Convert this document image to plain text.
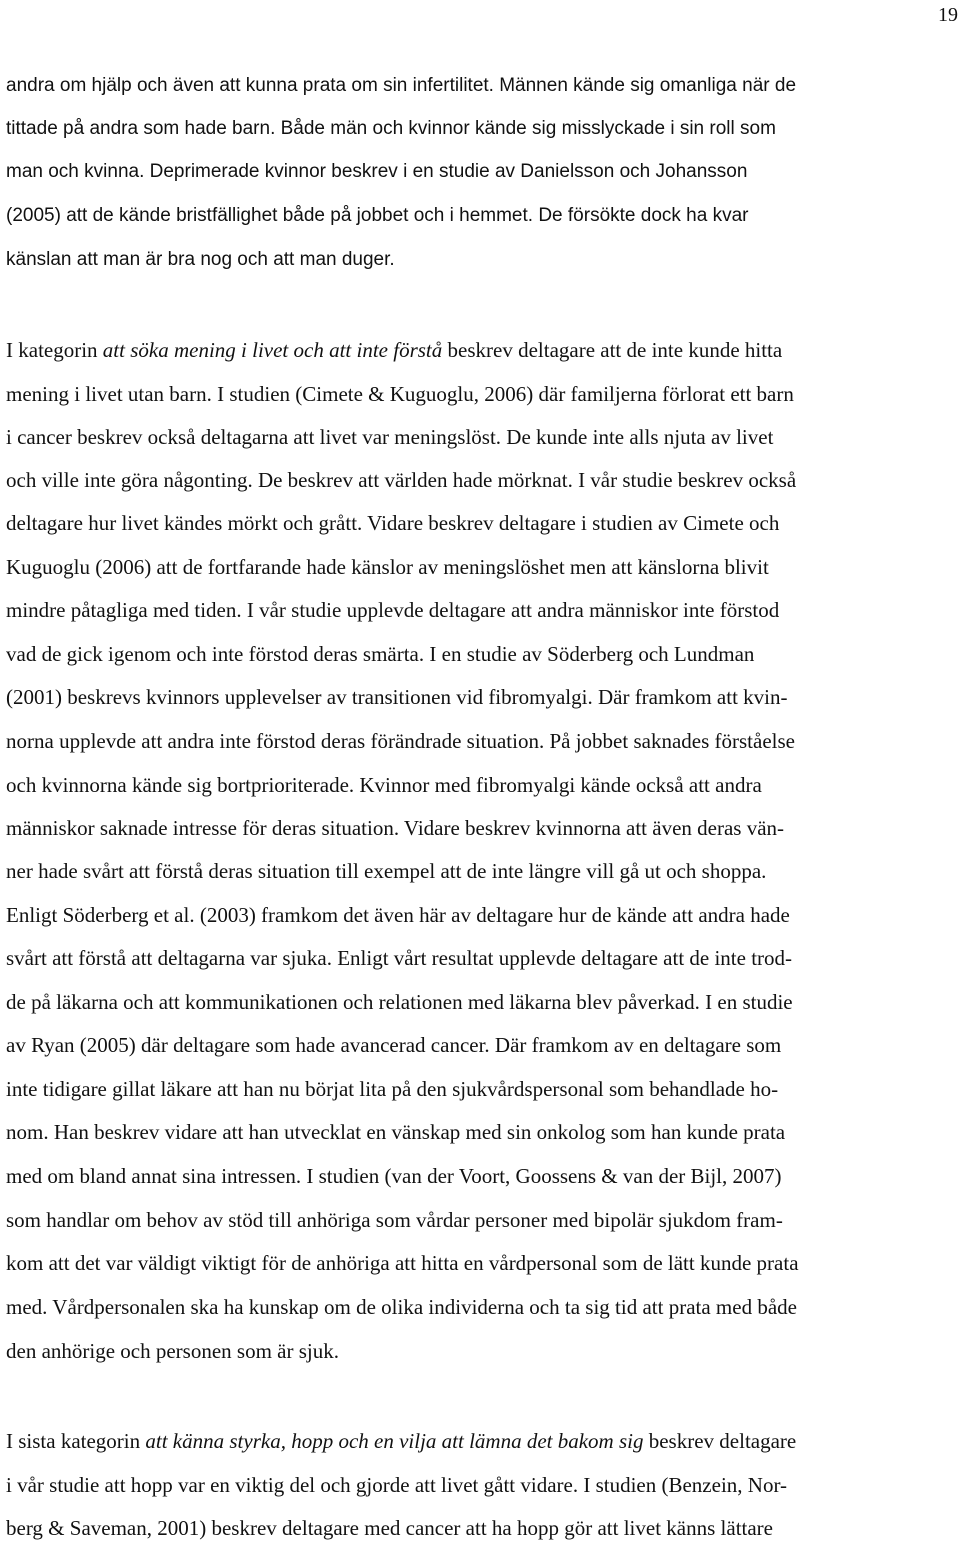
19
andra om hjälp och även att kunna prata om sin infertilitet. Männen kände sig omanliga när de
tittade på andra som hade barn. Både män och kvinnor kände sig misslyckade i sin roll som
man och kvinna. Deprimerade kvinnor beskrev i en studie av Danielsson och Johansson
(2005) att de kände bristfällighet både på jobbet och i hemmet. De försökte dock ha kvar
känslan att man är bra nog och att man duger.
I kategorin att söka mening i livet och att inte förstå beskrev deltagare att de inte kunde hitta
mening i livet utan barn. I studien (Cimete & Kuguoglu, 2006) där familjerna förlorat ett barn
i cancer beskrev också deltagarna att livet var meningslöst. De kunde inte alls njuta av livet
och ville inte göra någonting. De beskrev att världen hade mörknat. I vår studie beskrev också
deltagare hur livet kändes mörkt och grått. Vidare beskrev deltagare i studien av Cimete och
Kuguoglu (2006) att de fortfarande hade känslor av meningslöshet men att känslorna blivit
mindre påtagliga med tiden. I vår studie upplevde deltagare att andra människor inte förstod
vad de gick igenom och inte förstod deras smärta. I en studie av Söderberg och Lundman
(2001) beskrevs kvinnors upplevelser av transitionen vid fibromyalgi. Där framkom att kvin-
norna upplevde att andra inte förstod deras förändrade situation. På jobbet saknades förståelse
och kvinnorna kände sig bortprioriterade. Kvinnor med fibromyalgi kände också att andra
människor saknade intresse för deras situation. Vidare beskrev kvinnorna att även deras vän-
ner hade svårt att förstå deras situation till exempel att de inte längre vill gå ut och shoppa.
Enligt Söderberg et al. (2003) framkom det även här av deltagare hur de kände att andra hade
svårt att förstå att deltagarna var sjuka. Enligt vårt resultat upplevde deltagare att de inte trod-
de på läkarna och att kommunikationen och relationen med läkarna blev påverkad. I en studie
av Ryan (2005) där deltagare som hade avancerad cancer. Där framkom av en deltagare som
inte tidigare gillat läkare att han nu börjat lita på den sjukvårdspersonal som behandlade ho-
nom. Han beskrev vidare att han utvecklat en vänskap med sin onkolog som han kunde prata
med om bland annat sina intressen. I studien (van der Voort, Goossens & van der Bijl, 2007)
som handlar om behov av stöd till anhöriga som vårdar personer med bipolär sjukdom fram-
kom att det var väldigt viktigt för de anhöriga att hitta en vårdpersonal som de lätt kunde prata
med. Vårdpersonalen ska ha kunskap om de olika individerna och ta sig tid att prata med både
den anhörige och personen som är sjuk.
I sista kategorin att känna styrka, hopp och en vilja att lämna det bakom sig beskrev deltagare
i vår studie att hopp var en viktig del och gjorde att livet gått vidare. I studien (Benzein, Nor-
berg & Saveman, 2001) beskrev deltagare med cancer att ha hopp gör att livet känns lättare
